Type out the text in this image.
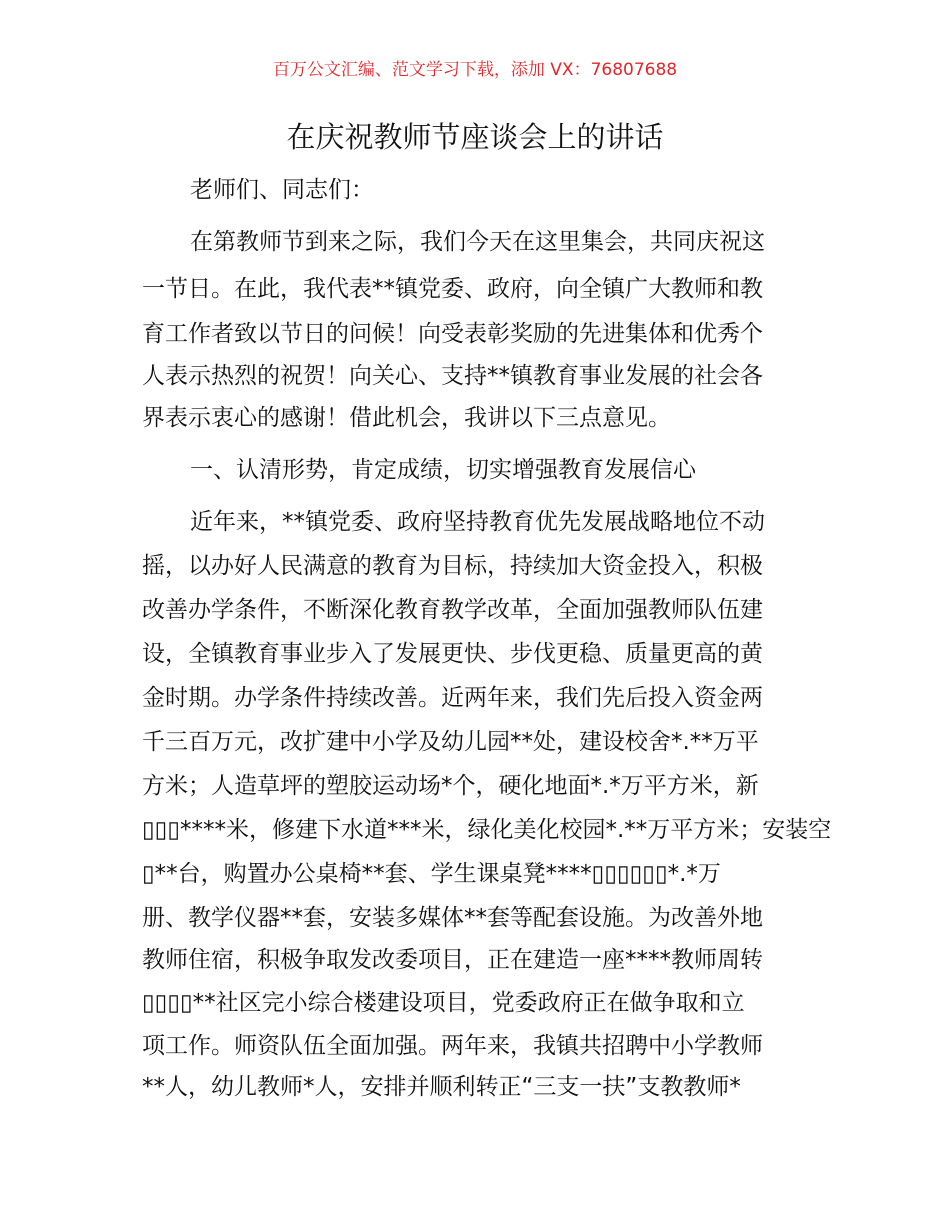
百万公文汇编、范文学习下载，添加 VX：76807688
在庆祝教师节座谈会上的讲话
老师们、同志们：
在第教师节到来之际，我们今天在这里集会，共同庆祝这
一节日。在此，我代表**镇党委、政府，向全镇广大教师和教
育工作者致以节日的问候！向受表彰奖励的先进集体和优秀个
人表示热烈的祝贺！向关心、支持**镇教育事业发展的社会各
界表示衷心的感谢！借此机会，我讲以下三点意见。
一、认清形势，肯定成绩，切实增强教育发展信心
近年来，**镇党委、政府坚持教育优先发展战略地位不动
摇，以办好人民满意的教育为目标，持续加大资金投入，积极
改善办学条件，不断深化教育教学改革，全面加强教师队伍建
设，全镇教育事业步入了发展更快、步伐更稳、质量更高的黄
金时期。办学条件持续改善。近两年来，我们先后投入资金两
千三百万元，改扩建中小学及幼儿园**处，建设校舍*.**万平
方米；人造草坪的塑胶运动场*个，硬化地面*.*万平方米，新
▯▯▯****米，修建下水道***米，绿化美化校园*.**万平方米；安装空
▯**台，购置办公桌椅**套、学生课桌凳****▯▯▯▯▯▯*.*万
册、教学仪器**套，安装多媒体**套等配套设施。为改善外地
教师住宿，积极争取发改委项目，正在建造一座****教师周转
▯▯▯▯**社区完小综合楼建设项目，党委政府正在做争取和立
项工作。师资队伍全面加强。两年来，我镇共招聘中小学教师
**人，幼儿教师*人，安排并顺利转正“三支一扶”支教教师*
